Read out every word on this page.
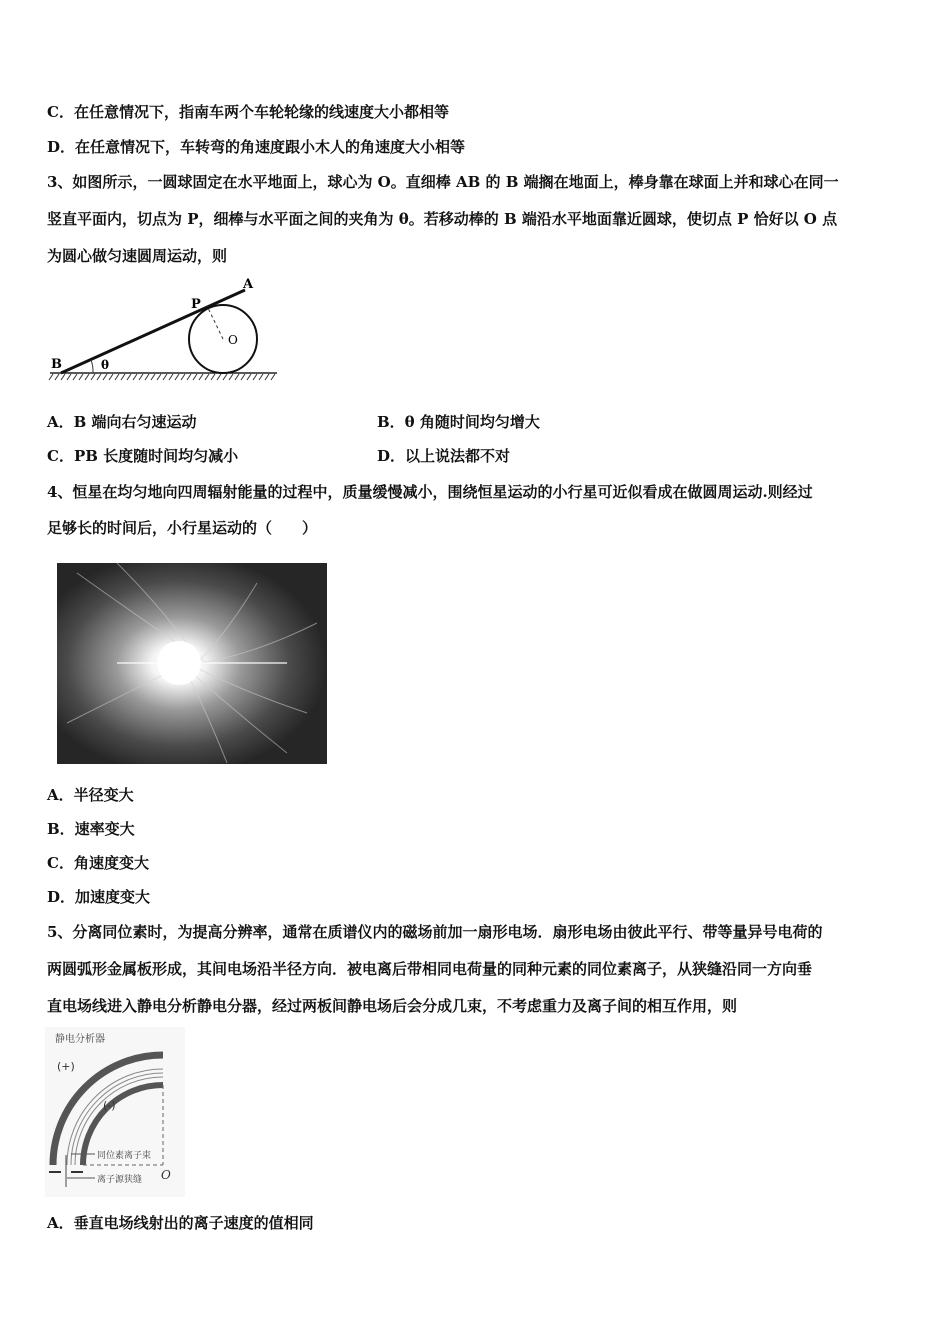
C．在任意情况下，指南车两个车轮轮缘的线速度大小都相等
D．在任意情况下，车转弯的角速度跟小木人的角速度大小相等
3、如图所示，一圆球固定在水平地面上，球心为 O。直细棒 AB 的 B 端搁在地面上，棒身靠在球面上并和球心在同一
竖直平面内，切点为 P，细棒与水平面之间的夹角为 θ。若移动棒的 B 端沿水平地面靠近圆球，使切点 P 恰好以 O 点
为圆心做匀速圆周运动，则
B	θ
P
A
O
A．B 端向右匀速运动	B．θ 角随时间均匀增大
C．PB 长度随时间均匀减小	D．以上说法都不对
4、恒星在均匀地向四周辐射能量的过程中，质量缓慢减小，围绕恒星运动的小行星可近似看成在做圆周运动.则经过
足够长的时间后，小行星运动的（　　）
A．半径变大
B．速率变大
C．角速度变大
D．加速度变大
5、分离同位素时，为提高分辨率，通常在质谱仪内的磁场前加一扇形电场．扇形电场由彼此平行、带等量异号电荷的
两圆弧形金属板形成，其间电场沿半径方向．被电离后带相同电荷量的同种元素的同位素离子，从狭缝沿同一方向垂
直电场线进入静电分析静电分器，经过两板间静电场后会分成几束，不考虑重力及离子间的相互作用，则
静电分析器
(+)
(-)
O
同位素离子束
离子源狭缝
A．垂直电场线射出的离子速度的值相同
